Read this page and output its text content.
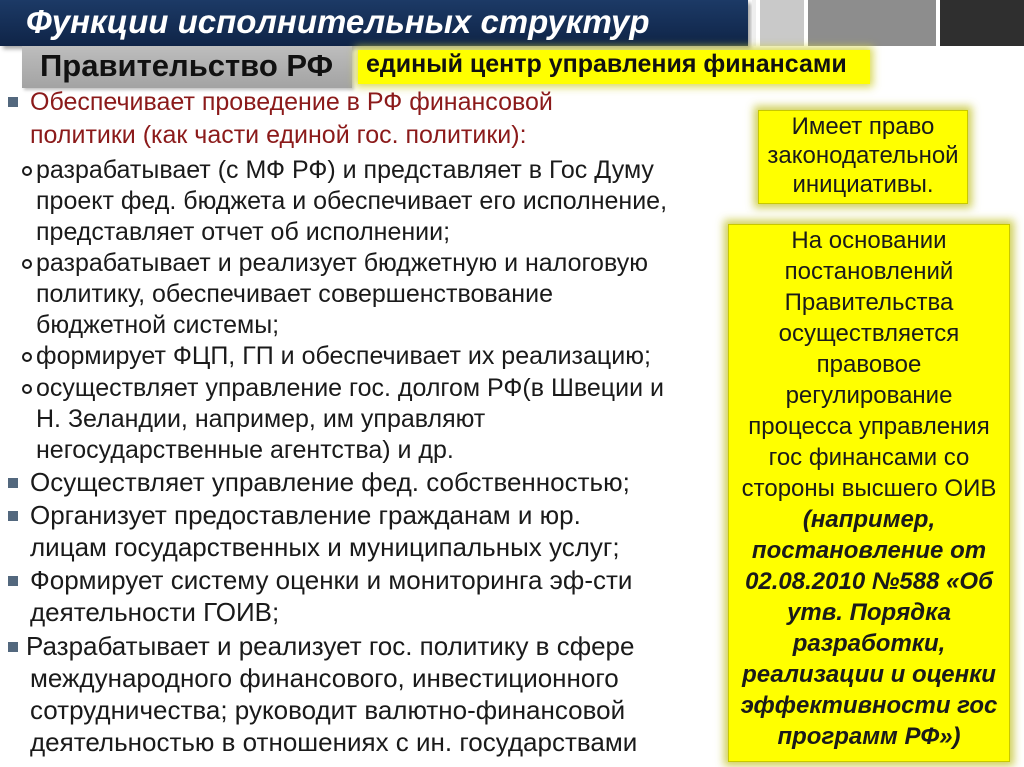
Функции исполнительных структур
Правительство РФ единый центр управления финансами
Обеспечивает проведение в РФ финансовой
политики (как части единой гос. политики):
разрабатывает (с МФ РФ) и представляет в Гос Думу
проект фед. бюджета и обеспечивает его исполнение,
представляет отчет об исполнении;
разрабатывает и реализует бюджетную и налоговую
политику, обеспечивает совершенствование
бюджетной системы;
формирует ФЦП, ГП и обеспечивает их реализацию;
осуществляет управление гос. долгом РФ(в Швеции и
Н. Зеландии, например, им управляют
негосударственные агентства) и др.
Осуществляет управление фед. собственностью;
Организует предоставление гражданам и юр.
лицам государственных и муниципальных услуг;
Формирует систему оценки и мониторинга эф-сти
деятельности ГОИВ;
Разрабатывает и реализует гос. политику в сфере
международного финансового, инвестиционного
сотрудничества; руководит валютно-финансовой
деятельностью в отношениях с ин. государствами
Имеет право
законодательной
инициативы.
На основании
постановлений
Правительства
осуществляется
правовое
регулирование
процесса управления
гос финансами со
стороны высшего ОИВ
(например,
постановление от
02.08.2010 №588 «Об
утв. Порядка
разработки,
реализации и оценки
эффективности гос
программ РФ»)
